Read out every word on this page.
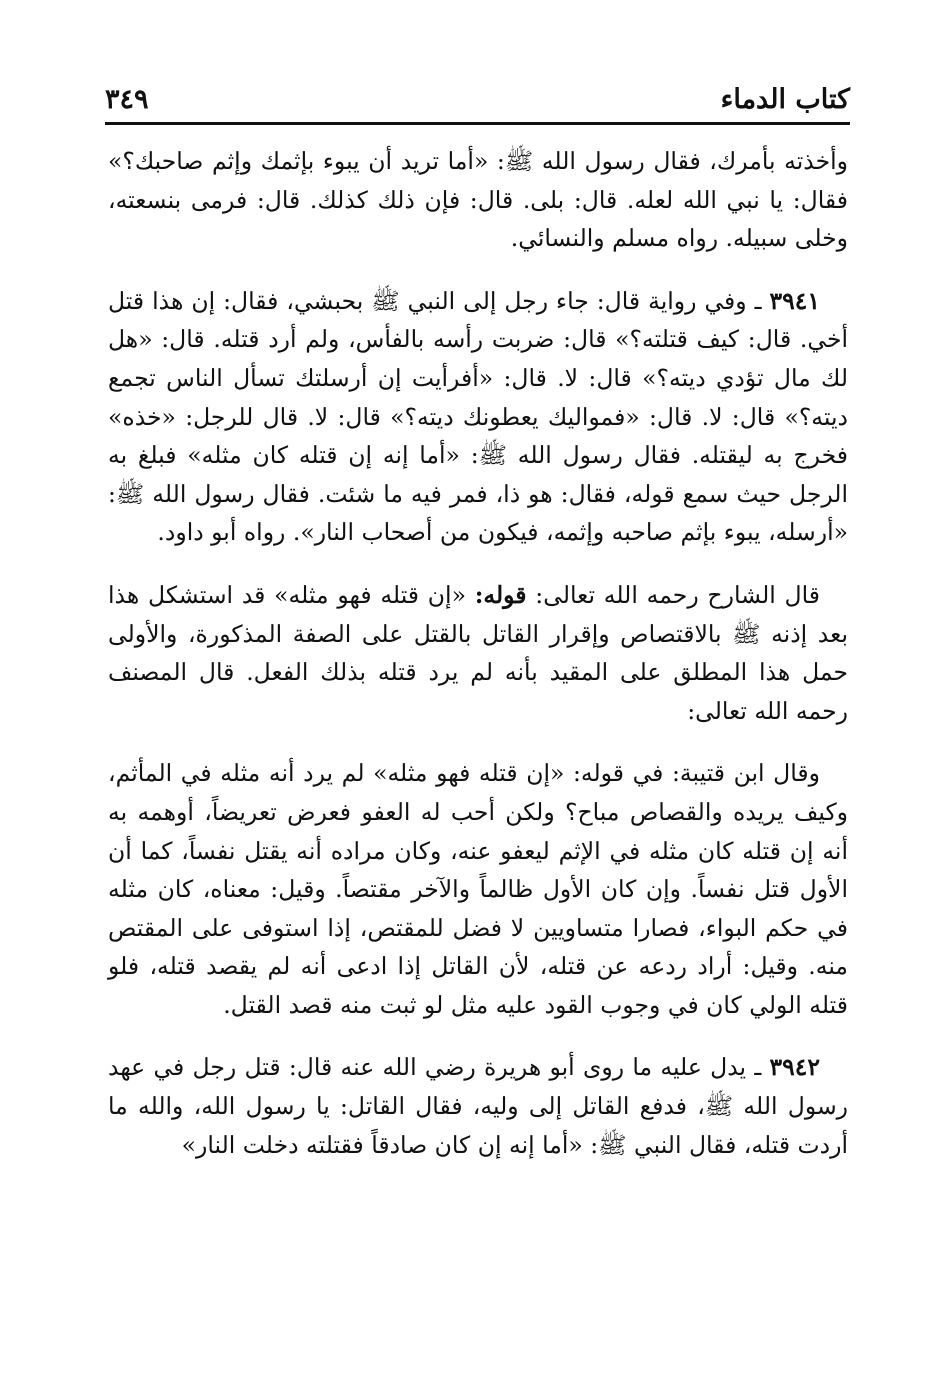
كتاب الدماء
٣٤٩

وأخذته بأمرك، فقال رسول الله ﷺ: «أما تريد أن يبوء بإثمك وإثم صاحبك؟» فقال: يا نبي الله لعله. قال: بلى. قال: فإن ذلك كذلك. قال: فرمى بنسعته، وخلى سبيله. رواه مسلم والنسائي.

٣٩٤١ ـ وفي رواية قال: جاء رجل إلى النبي ﷺ بحبشي، فقال: إن هذا قتل أخي. قال: كيف قتلته؟» قال: ضربت رأسه بالفأس، ولم أرد قتله. قال: «هل لك مال تؤدي ديته؟» قال: لا. قال: «أفرأيت إن أرسلتك تسأل الناس تجمع ديته؟» قال: لا. قال: «فمواليك يعطونك ديته؟» قال: لا. قال للرجل: «خذه» فخرج به ليقتله. فقال رسول الله ﷺ: «أما إنه إن قتله كان مثله» فبلغ به الرجل حيث سمع قوله، فقال: هو ذا، فمر فيه ما شئت. فقال رسول الله ﷺ: «أرسله، يبوء بإثم صاحبه وإثمه، فيكون من أصحاب النار». رواه أبو داود.

قال الشارح رحمه الله تعالى: قوله: «إن قتله فهو مثله» قد استشكل هذا بعد إذنه ﷺ بالاقتصاص وإقرار القاتل بالقتل على الصفة المذكورة، والأولى حمل هذا المطلق على المقيد بأنه لم يرد قتله بذلك الفعل. قال المصنف رحمه الله تعالى:

وقال ابن قتيبة: في قوله: «إن قتله فهو مثله» لم يرد أنه مثله في المأثم، وكيف يريده والقصاص مباح؟ ولكن أحب له العفو فعرض تعريضاً، أوهمه به أنه إن قتله كان مثله في الإثم ليعفو عنه، وكان مراده أنه يقتل نفساً، كما أن الأول قتل نفساً. وإن كان الأول ظالماً والآخر مقتصاً. وقيل: معناه، كان مثله في حكم البواء، فصارا متساويين لا فضل للمقتص، إذا استوفى على المقتص منه. وقيل: أراد ردعه عن قتله، لأن القاتل إذا ادعى أنه لم يقصد قتله، فلو قتله الولي كان في وجوب القود عليه مثل لو ثبت منه قصد القتل.

٣٩٤٢ ـ يدل عليه ما روى أبو هريرة رضي الله عنه قال: قتل رجل في عهد رسول الله ﷺ، فدفع القاتل إلى وليه، فقال القاتل: يا رسول الله، والله ما أردت قتله، فقال النبي ﷺ: «أما إنه إن كان صادقاً فقتلته دخلت النار»
